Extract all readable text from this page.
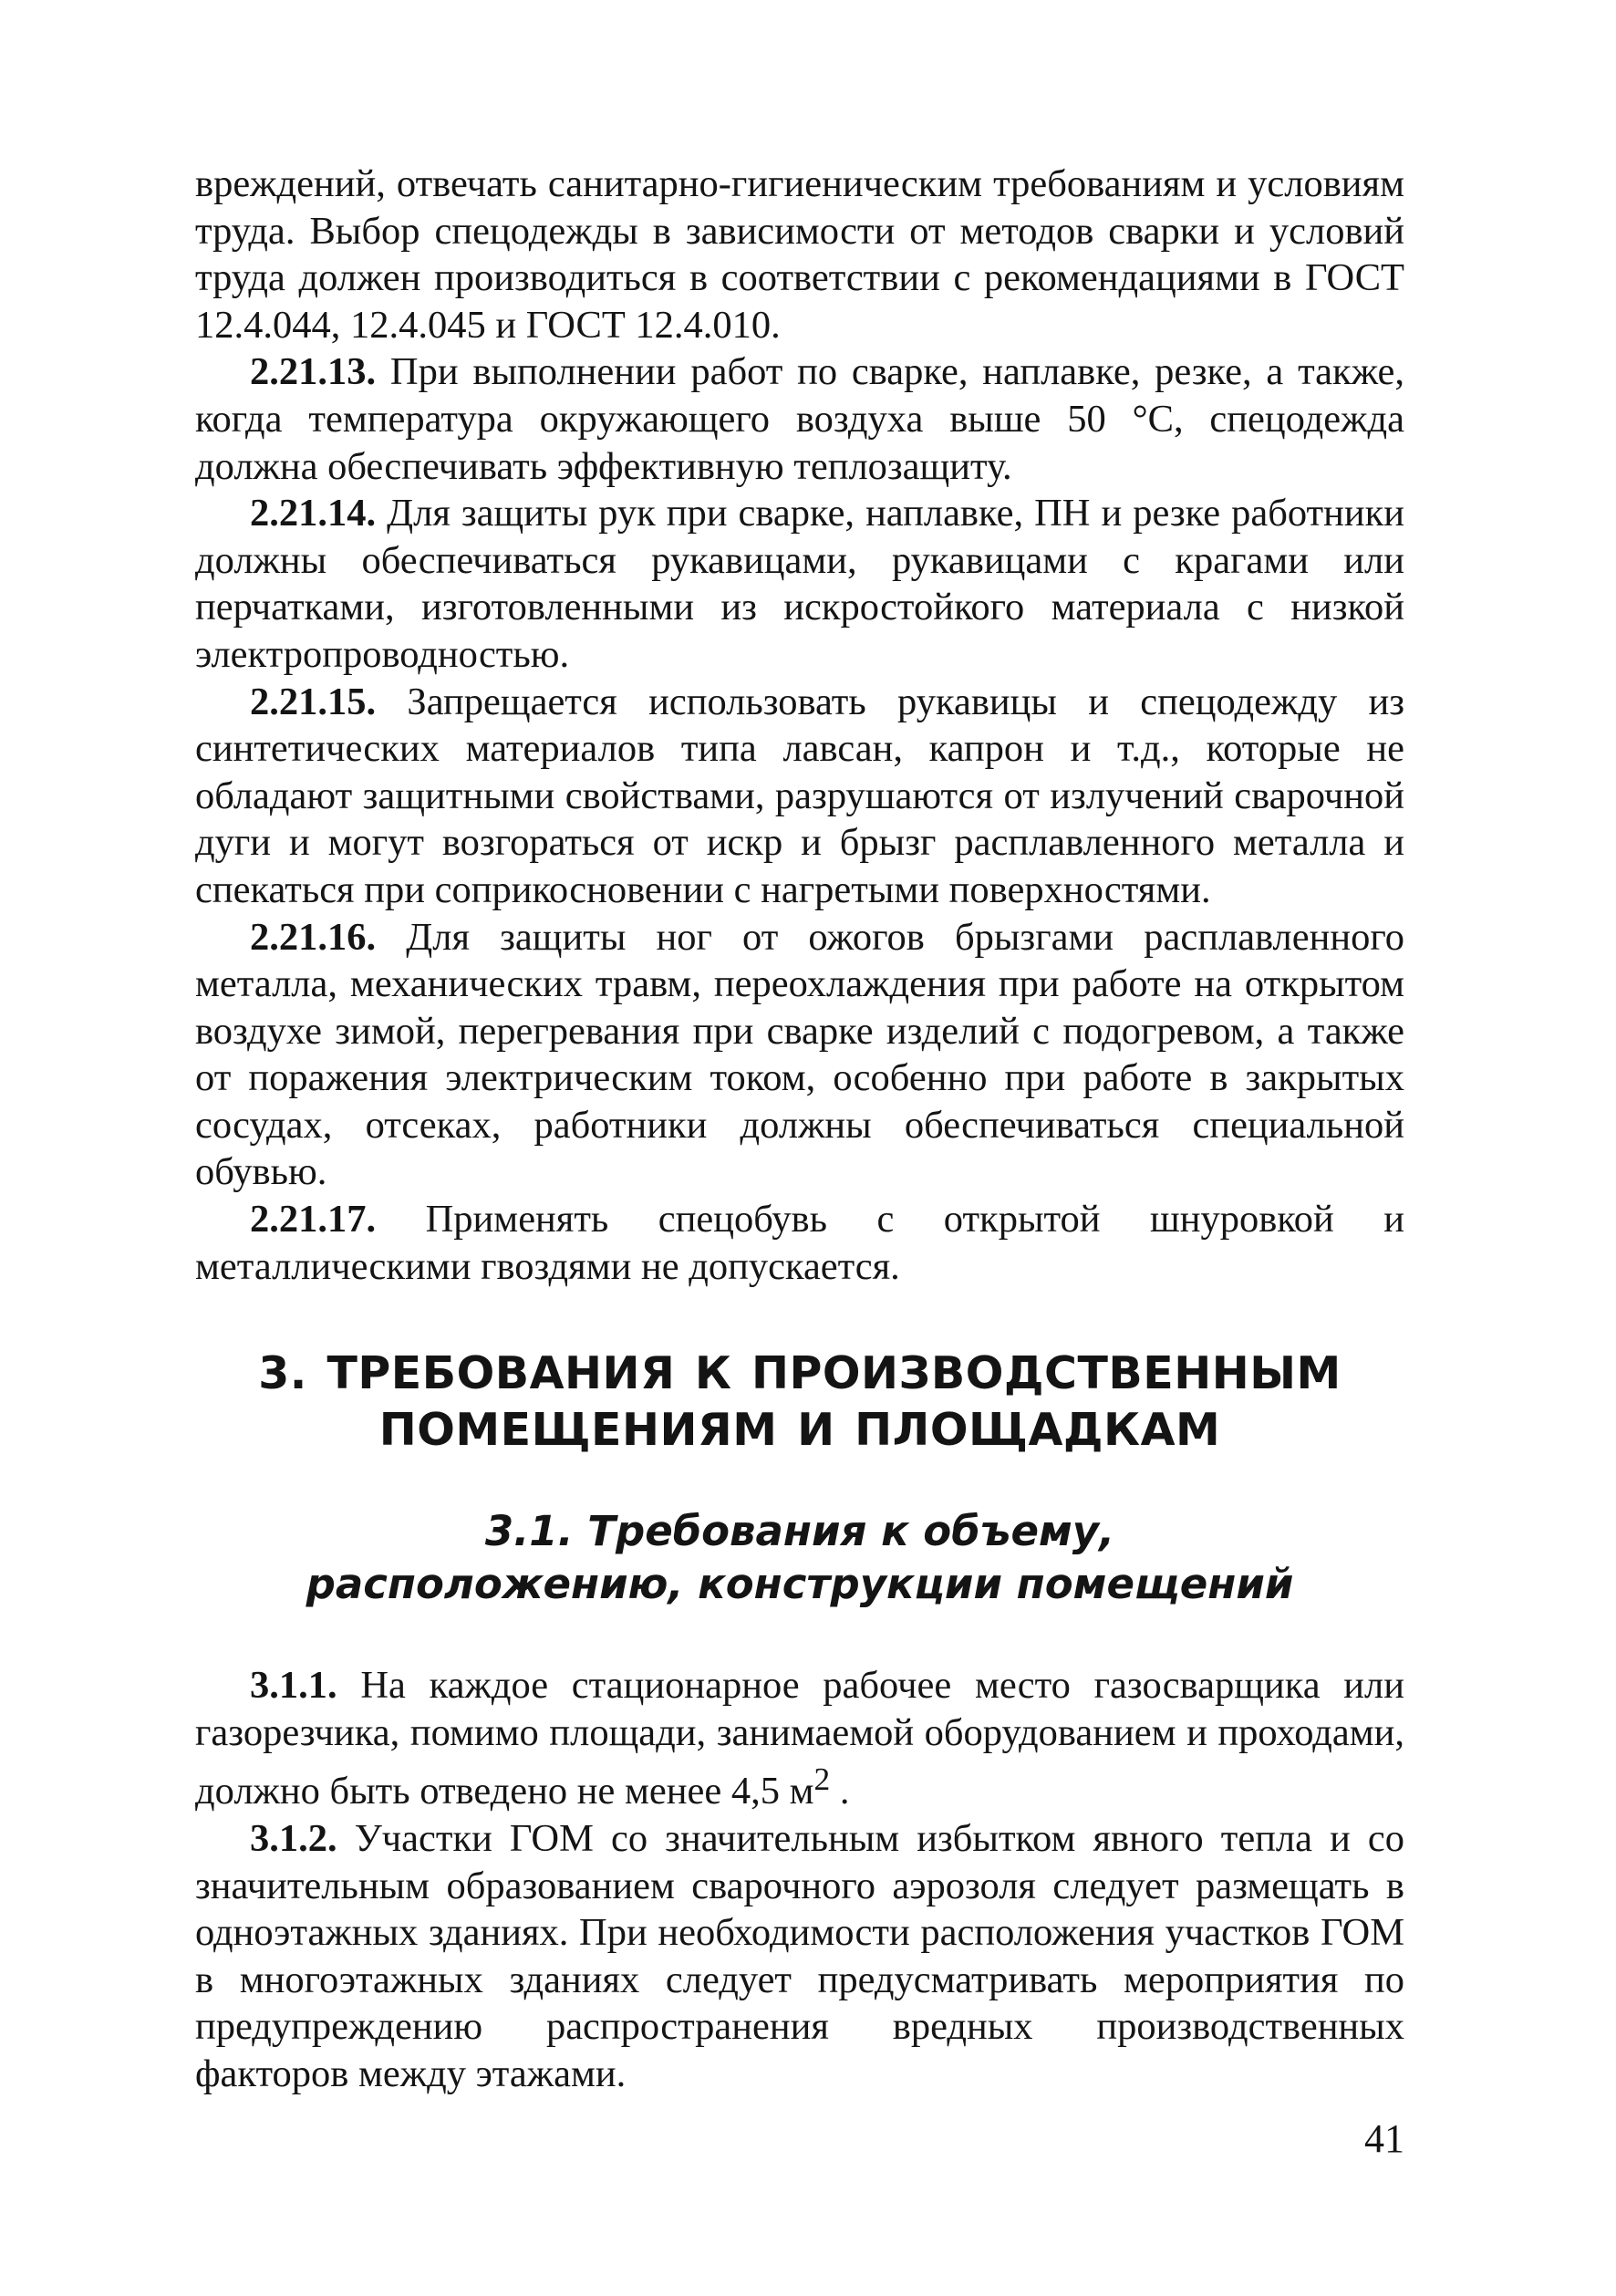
вреждений, отвечать санитарно-гигиеническим требованиям и условиям труда. Выбор спецодежды в зависимости от методов сварки и условий труда должен производиться в соответствии с рекомендациями в ГОСТ 12.4.044, 12.4.045 и ГОСТ 12.4.010.

2.21.13. При выполнении работ по сварке, наплавке, резке, а также, когда температура окружающего воздуха выше 50 °С, спецодежда должна обеспечивать эффективную теплозащиту.

2.21.14. Для защиты рук при сварке, наплавке, ПН и резке работники должны обеспечиваться рукавицами, рукавицами с крагами или перчатками, изготовленными из искростойкого материала с низкой электропроводностью.

2.21.15. Запрещается использовать рукавицы и спецодежду из синтетических материалов типа лавсан, капрон и т.д., которые не обладают защитными свойствами, разрушаются от излучений сварочной дуги и могут возгораться от искр и брызг расплавленного металла и спекаться при соприкосновении с нагретыми поверхностями.

2.21.16. Для защиты ног от ожогов брызгами расплавленного металла, механических травм, переохлаждения при работе на открытом воздухе зимой, перегревания при сварке изделий с подогревом, а также от поражения электрическим током, особенно при работе в закрытых сосудах, отсеках, работники должны обеспечиваться специальной обувью.

2.21.17. Применять спецобувь с открытой шнуровкой и металлическими гвоздями не допускается.

3. ТРЕБОВАНИЯ К ПРОИЗВОДСТВЕННЫМ
ПОМЕЩЕНИЯМ И ПЛОЩАДКАМ
3.1. Требования к объему,
расположению, конструкции помещений

3.1.1. На каждое стационарное рабочее место газосварщика или газорезчика, помимо площади, занимаемой оборудованием и проходами, должно быть отведено не менее 4,5 $м^2$ .

3.1.2. Участки ГОМ со значительным избытком явного тепла и со значительным образованием сварочного аэрозоля следует размещать в одноэтажных зданиях. При необходимости расположения участков ГОМ в многоэтажных зданиях следует предусматривать мероприятия по предупреждению распространения вредных производственных факторов между этажами.

41
